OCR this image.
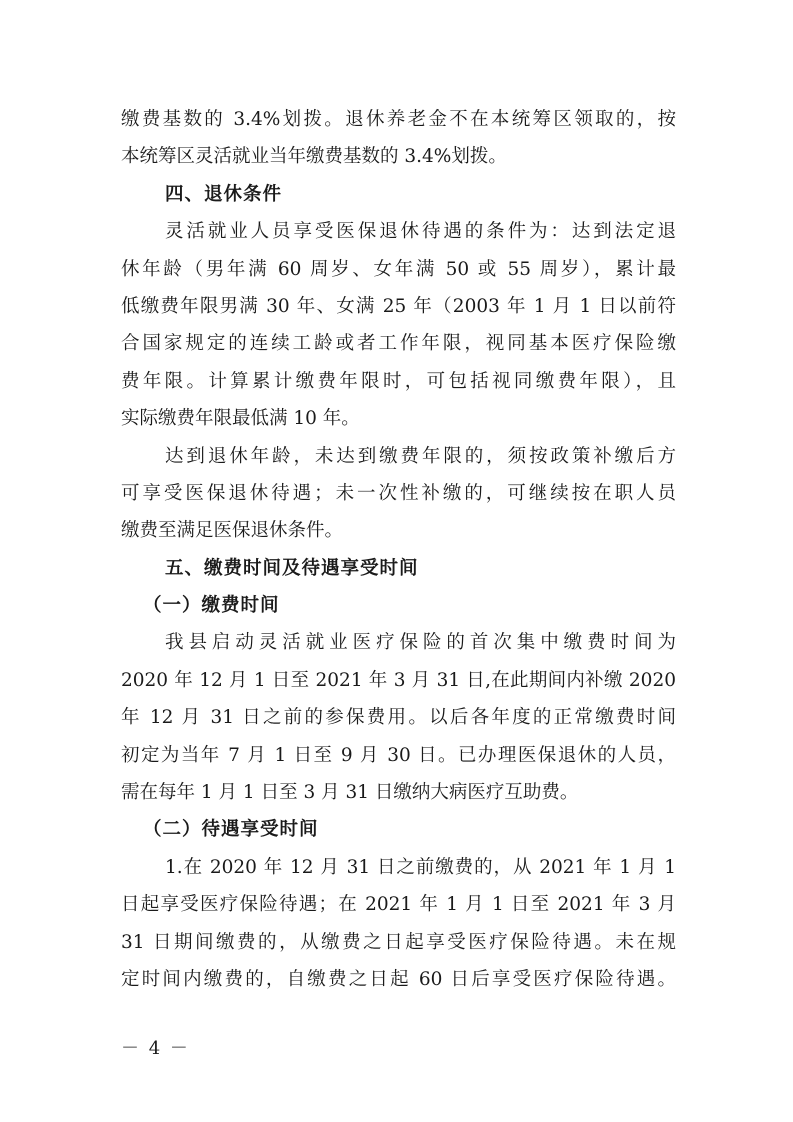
缴费基数的 3.4%划拨。退休养老金不在本统筹区领取的，按
本统筹区灵活就业当年缴费基数的 3.4%划拨。
四、退休条件
灵活就业人员享受医保退休待遇的条件为：达到法定退
休年龄（男年满 60 周岁、女年满 50 或 55 周岁），累计最
低缴费年限男满 30 年、女满 25 年（2003 年 1 月 1 日以前符
合国家规定的连续工龄或者工作年限，视同基本医疗保险缴
费年限。计算累计缴费年限时，可包括视同缴费年限），且
实际缴费年限最低满 10 年。
达到退休年龄，未达到缴费年限的，须按政策补缴后方
可享受医保退休待遇；未一次性补缴的，可继续按在职人员
缴费至满足医保退休条件。
五、缴费时间及待遇享受时间
（一）缴费时间
我县启动灵活就业医疗保险的首次集中缴费时间为
2020 年 12 月 1 日至 2021 年 3 月 31 日,在此期间内补缴 2020
年 12 月 31 日之前的参保费用。以后各年度的正常缴费时间
初定为当年 7 月 1 日至 9 月 30 日。已办理医保退休的人员，
需在每年 1 月 1 日至 3 月 31 日缴纳大病医疗互助费。
（二）待遇享受时间
1.在 2020 年 12 月 31 日之前缴费的，从 2021 年 1 月 1
日起享受医疗保险待遇；在 2021 年 1 月 1 日至 2021 年 3 月
31 日期间缴费的，从缴费之日起享受医疗保险待遇。未在规
定时间内缴费的，自缴费之日起 60 日后享受医疗保险待遇。
－ 4 －
